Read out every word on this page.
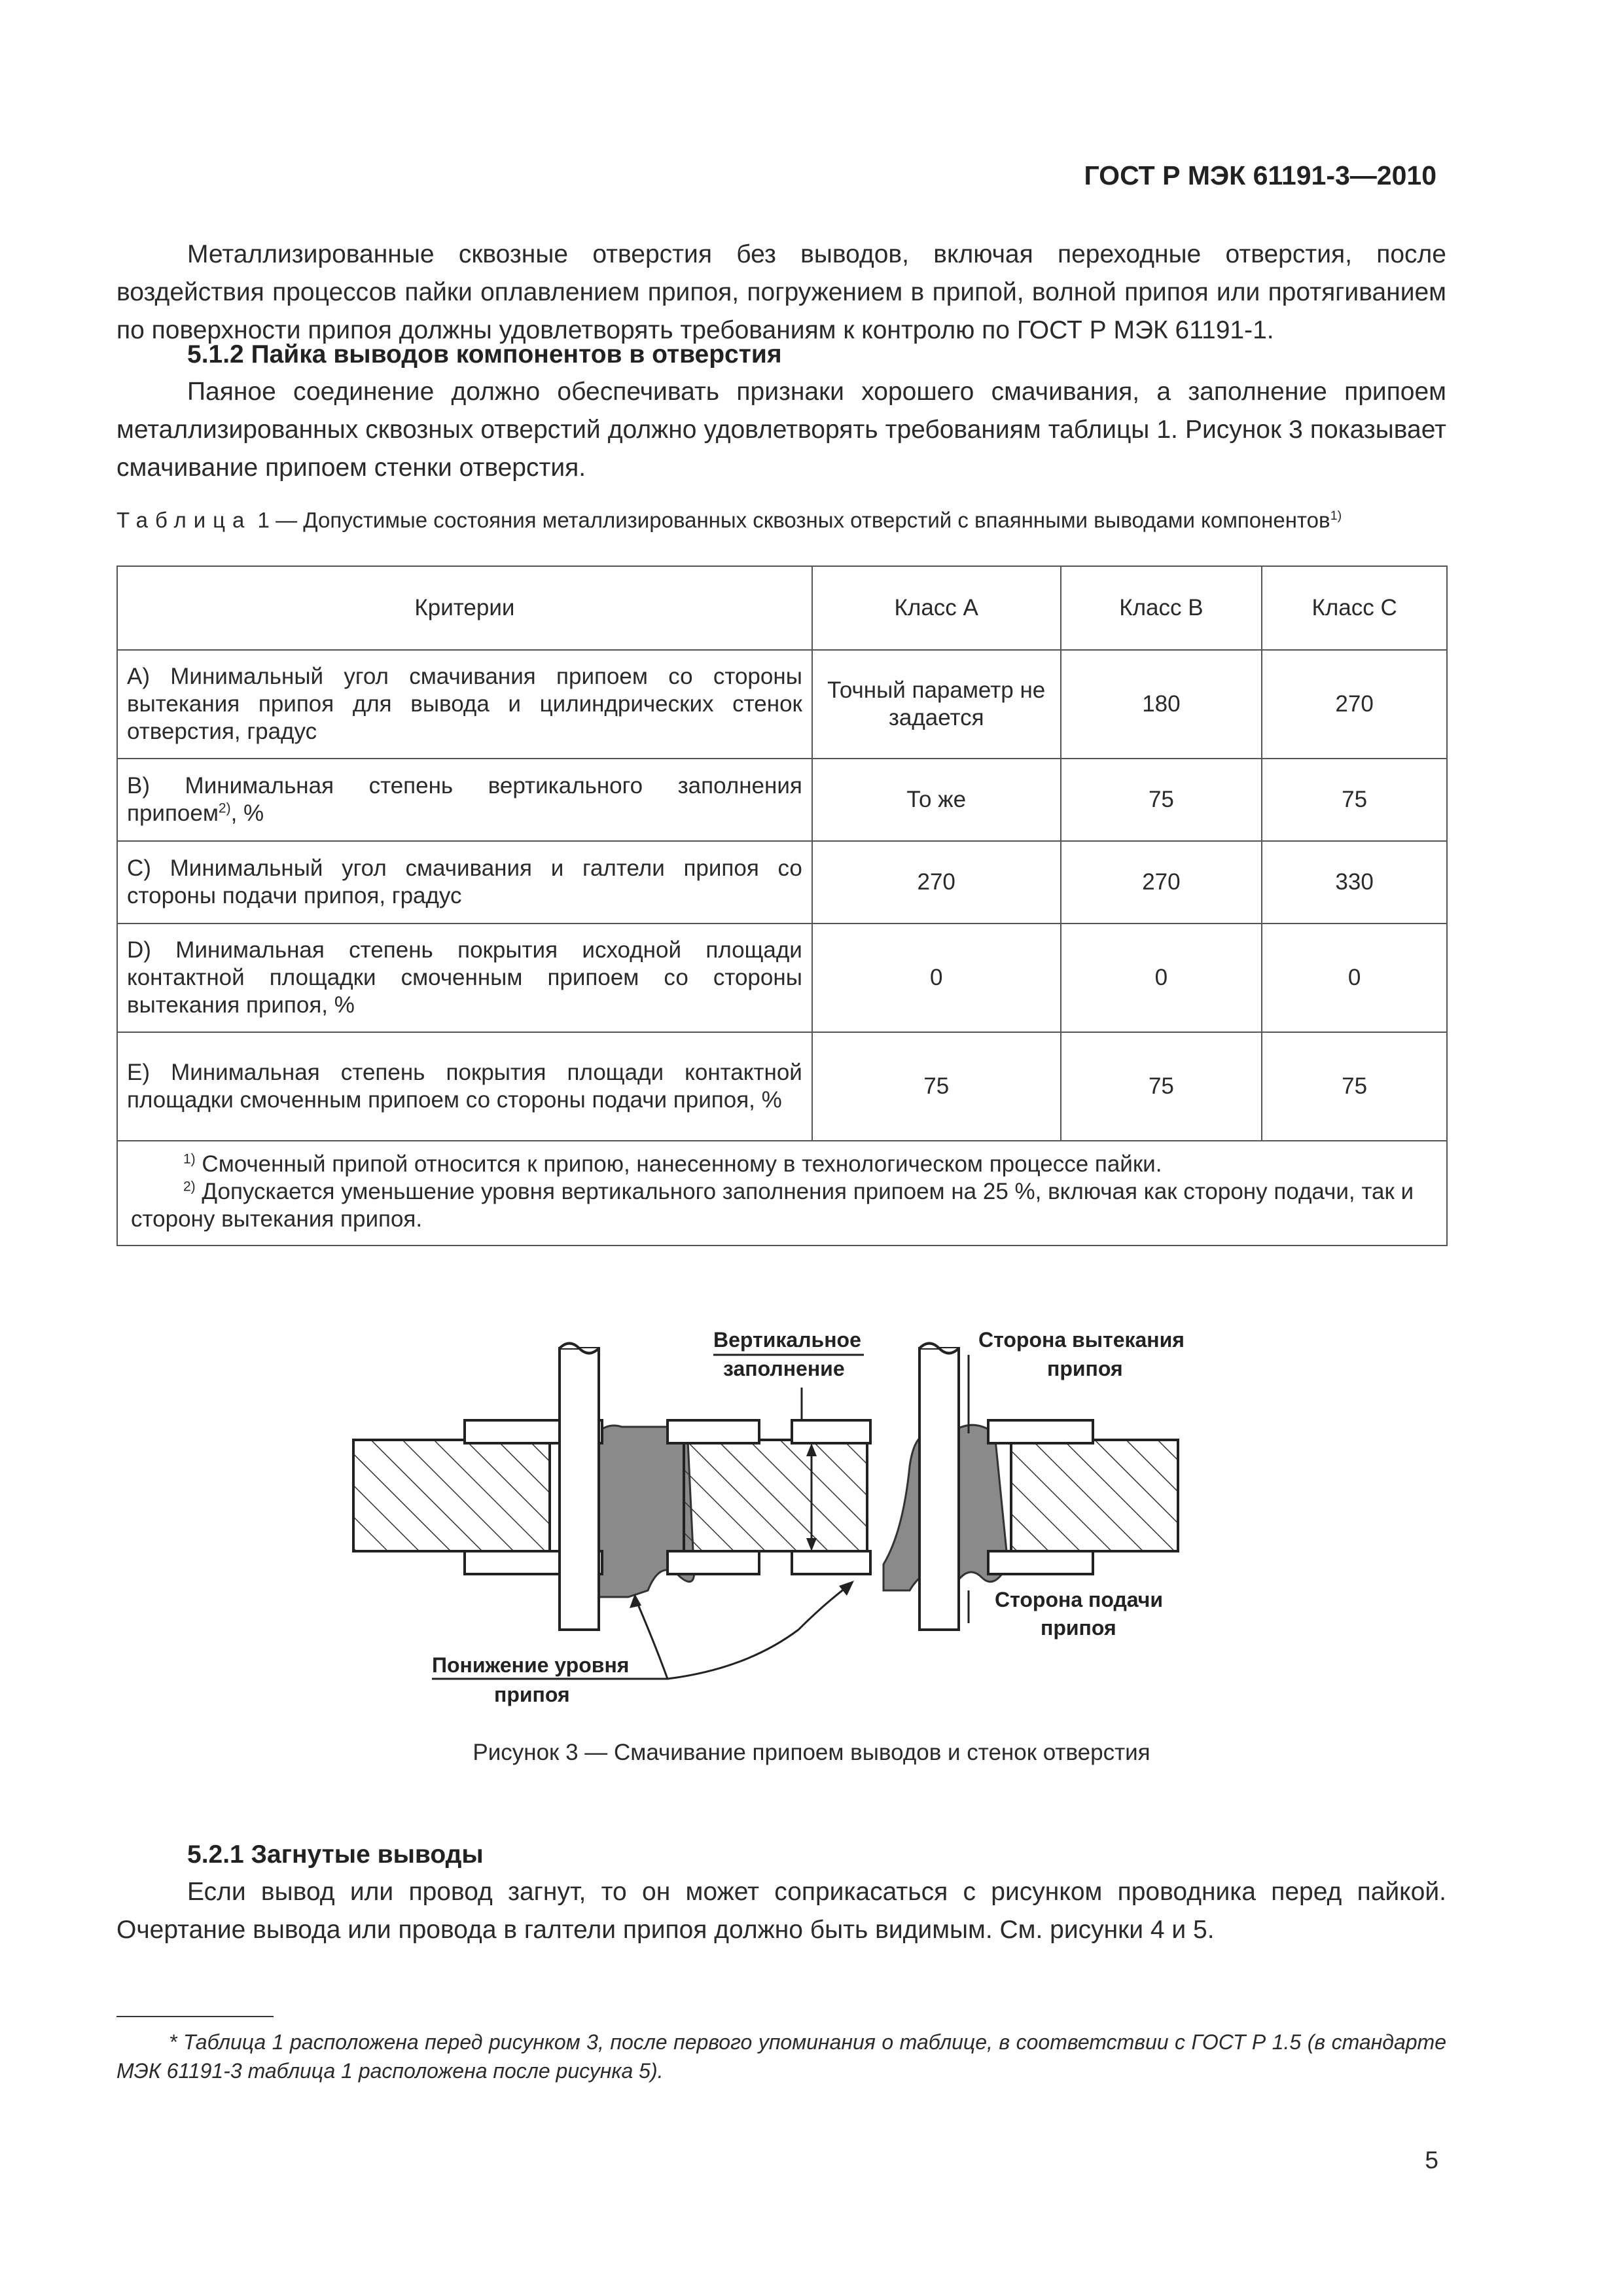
ГОСТ Р МЭК 61191-3—2010

Металлизированные сквозные отверстия без выводов, включая переходные отверстия, после воздействия процессов пайки оплавлением припоя, погружением в припой, волной припоя или протягиванием по поверхности припоя должны удовлетворять требованиям к контролю по ГОСТ Р МЭК 61191-1.

5.1.2 Пайка выводов компонентов в отверстия

Паяное соединение должно обеспечивать признаки хорошего смачивания, а заполнение припоем металлизированных сквозных отверстий должно удовлетворять требованиям таблицы 1. Рисунок 3 показывает смачивание припоем стенки отверстия.

Таблица 1 — Допустимые состояния металлизированных сквозных отверстий с впаянными выводами компонентов$^{1)}$

Критерии	Класс А	Класс В	Класс С
А) Минимальный угол смачивания припоем со стороны вытекания припоя для вывода и цилиндрических стенок отверстия, градус	Точный параметр не задается	180	270
В) Минимальная степень вертикального заполнения припоем$^{2)}$, %	То же	75	75
С) Минимальный угол смачивания и галтели припоя со стороны подачи припоя, градус	270	270	330
D) Минимальная степень покрытия исходной площади контактной площадки смоченным припоем со стороны вытекания припоя, %	0	0	0
Е) Минимальная степень покрытия площади контактной площадки смоченным припоем со стороны подачи припоя, %	75	75	75

$^{1)}$ Смоченный припой относится к припою, нанесенному в технологическом процессе пайки.
$^{2)}$ Допускается уменьшение уровня вертикального заполнения припоем на 25 %, включая как сторону подачи, так и сторону вытекания припоя.			
Вертикальное
заполнение
Сторона вытекания
припоя
Сторона подачи
припоя
Понижение уровня
припоя
Рисунок 3 — Смачивание припоем выводов и стенок отверстия
5.2.1 Загнутые выводы

Если вывод или провод загнут, то он может соприкасаться с рисунком проводника перед пайкой. Очертание вывода или провода в галтели припоя должно быть видимым. См. рисунки 4 и 5.

* Таблица 1 расположена перед рисунком 3, после первого упоминания о таблице, в соответствии с ГОСТ Р 1.5 (в стандарте МЭК 61191-3 таблица 1 расположена после рисунка 5).

5
